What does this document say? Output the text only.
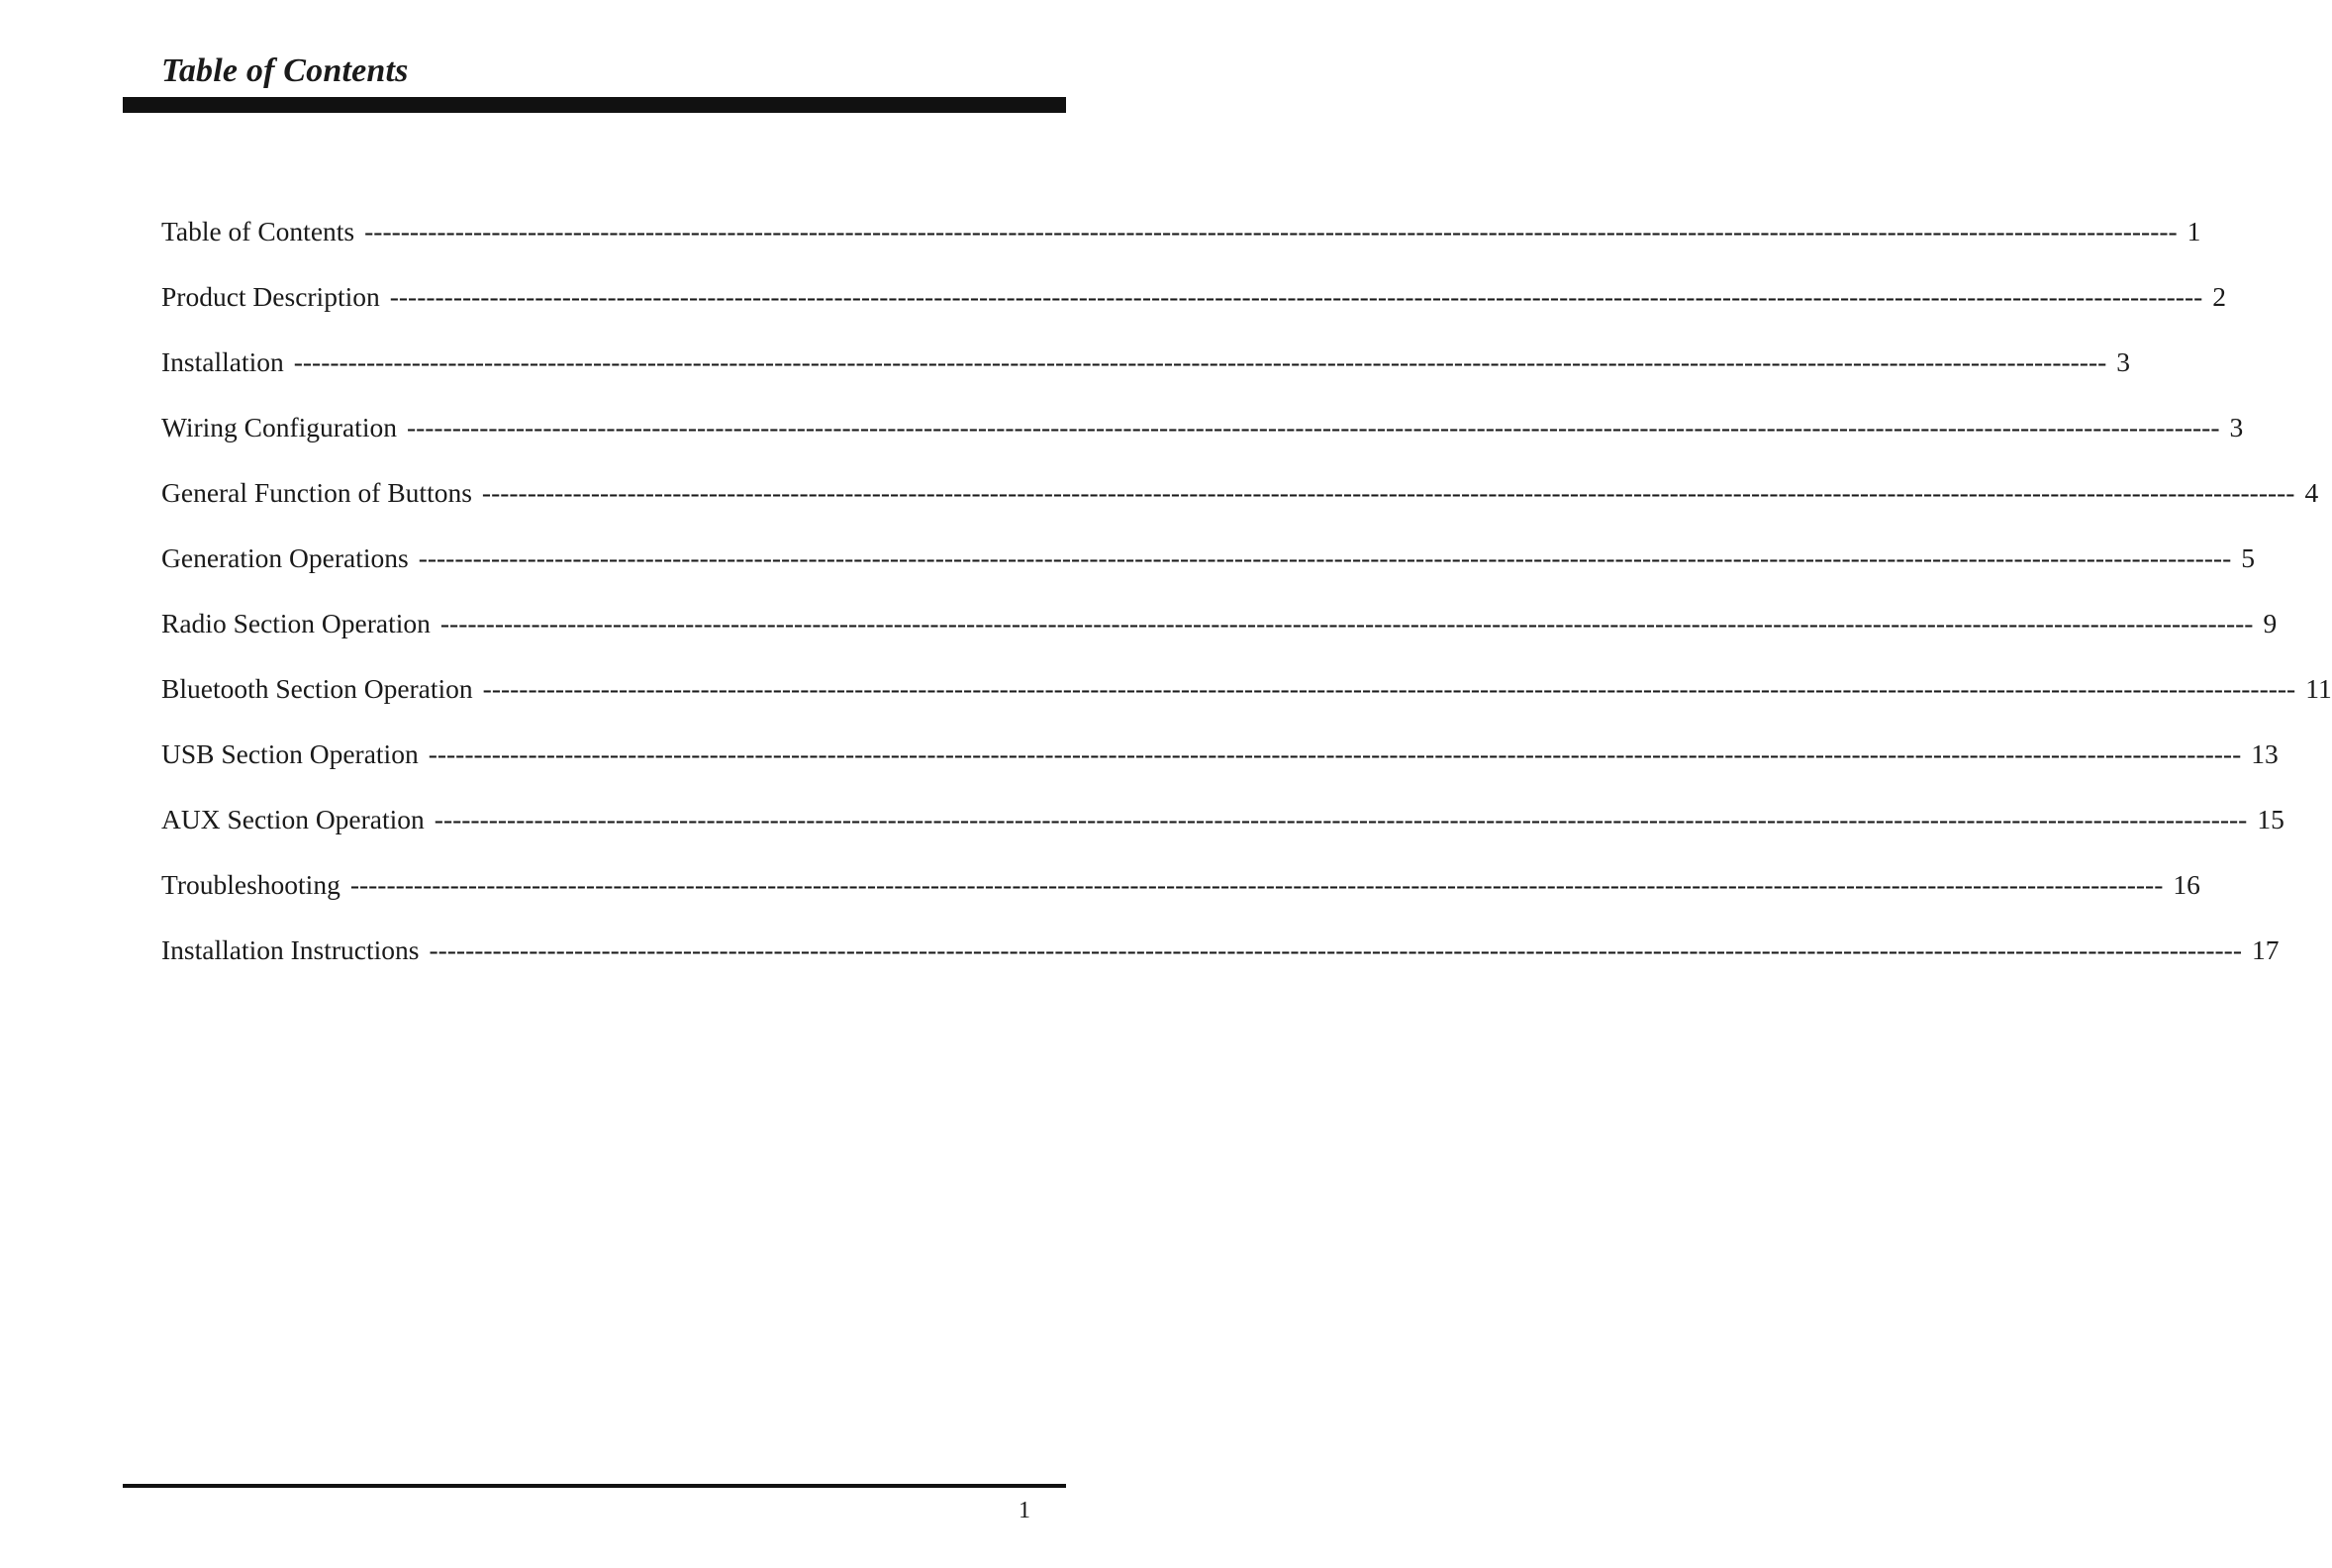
Table of Contents
Table of Contents -------------------------------------------------------------------------------------------------------------------------------------------------------------------------------------------------------- 1
Product Description -------------------------------------------------------------------------------------------------------------------------------------------------------------------------------------------------------- 2
Installation -------------------------------------------------------------------------------------------------------------------------------------------------------------------------------------------------------- 3
Wiring Configuration -------------------------------------------------------------------------------------------------------------------------------------------------------------------------------------------------------- 3
General Function of Buttons -------------------------------------------------------------------------------------------------------------------------------------------------------------------------------------------------------- 4
Generation Operations -------------------------------------------------------------------------------------------------------------------------------------------------------------------------------------------------------- 5
Radio Section Operation -------------------------------------------------------------------------------------------------------------------------------------------------------------------------------------------------------- 9
Bluetooth Section Operation -------------------------------------------------------------------------------------------------------------------------------------------------------------------------------------------------------- 11
USB Section Operation -------------------------------------------------------------------------------------------------------------------------------------------------------------------------------------------------------- 13
AUX Section Operation -------------------------------------------------------------------------------------------------------------------------------------------------------------------------------------------------------- 15
Troubleshooting -------------------------------------------------------------------------------------------------------------------------------------------------------------------------------------------------------- 16
Installation Instructions -------------------------------------------------------------------------------------------------------------------------------------------------------------------------------------------------------- 17
1
